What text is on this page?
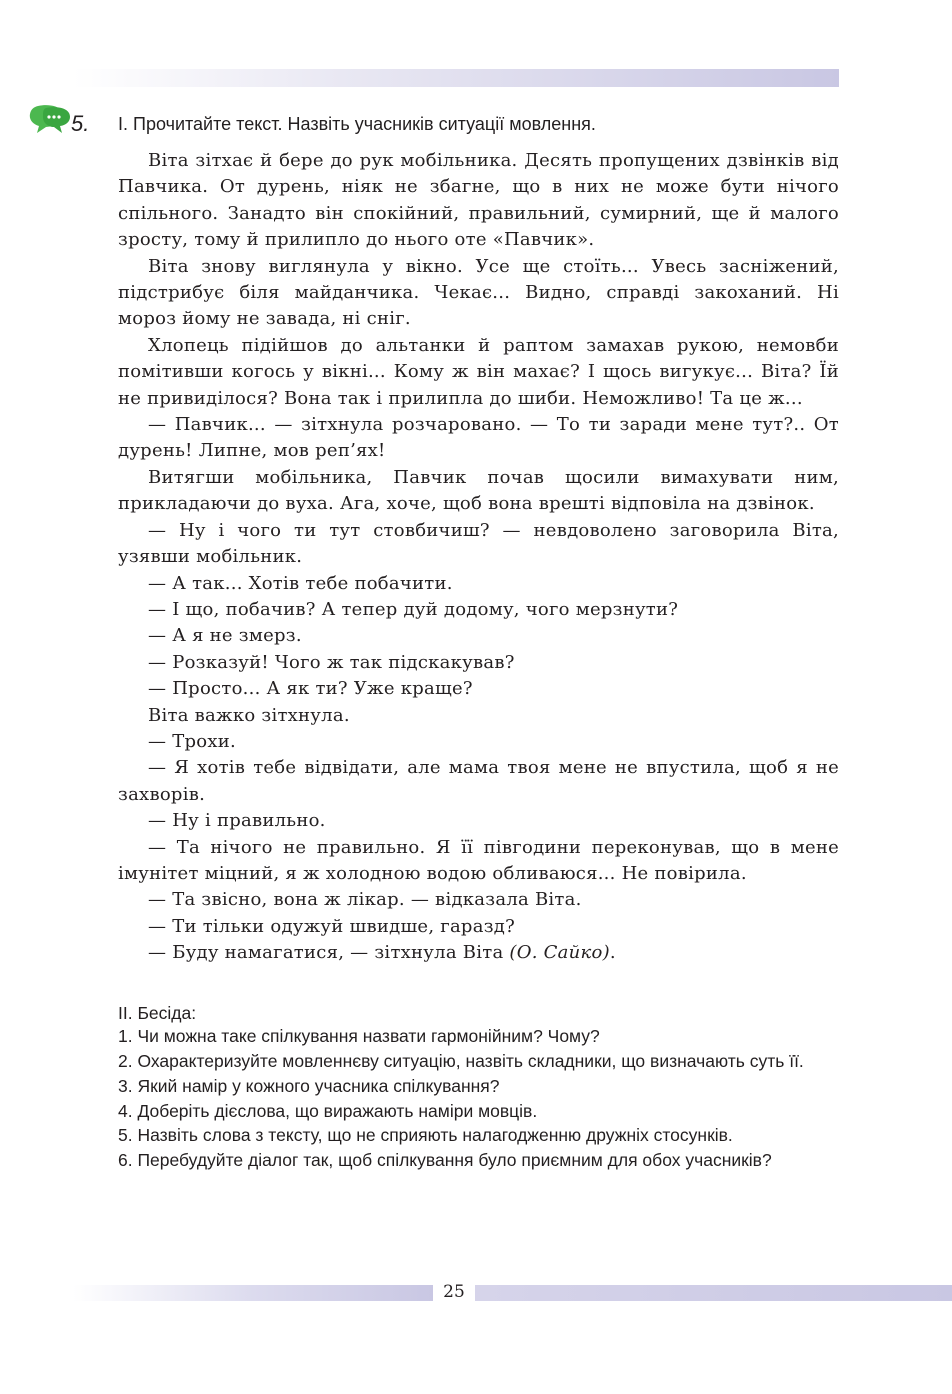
5. І. Прочитайте текст. Назвіть учасників ситуації мовлення.

Віта зітхає й бере до рук мобільника. Десять пропущених дзвінків від Павчика. От дурень, ніяк не збагне, що в них не може бути нічого спільного. Занадто він спокійний, правильний, сумирний, ще й малого зросту, тому й прилипло до нього оте «Павчик».

Віта знову виглянула у вікно. Усе ще стоїть... Увесь засніжений, підстрибує біля майданчика. Чекає... Видно, справді закоханий. Ні мороз йому не завада, ні сніг.

Хлопець підійшов до альтанки й раптом замахав рукою, немовби помітивши когось у вікні... Кому ж він махає? І щось вигукує... Віта? Їй не привиділося? Вона так і прилипла до шиби. Неможливо! Та це ж...

— Павчик... — зітхнула розчаровано. — То ти заради мене тут?.. От дурень! Липне, мов реп’ях!

Витягши мобільника, Павчик почав щосили вимахувати ним, прикладаючи до вуха. Ага, хоче, щоб вона врешті відповіла на дзвінок.

— Ну і чого ти тут стовбичиш? — невдоволено заговорила Віта, узявши мобільник.

— А так... Хотів тебе побачити.

— І що, побачив? А тепер дуй додому, чого мерзнути?

— А я не змерз.

— Розказуй! Чого ж так підскакував?

— Просто... А як ти? Уже краще?

Віта важко зітхнула.

— Трохи.

— Я хотів тебе відвідати, але мама твоя мене не впустила, щоб я не захворів.

— Ну і правильно.

— Та нічого не правильно. Я її півгодини переконував, що в мене імунітет міцний, я ж холодною водою обливаюся... Не повірила.

— Та звісно, вона ж лікар. — відказала Віта.

— Ти тільки одужуй швидше, гаразд?

— Буду намагатися, — зітхнула Віта (О. Сайко).

ІІ. Бесіда:

1. Чи можна таке спілкування назвати гармонійним? Чому?
2. Охарактеризуйте мовленнєву ситуацію, назвіть складники, що визначають суть її.
3. Який намір у кожного учасника спілкування?
4. Доберіть дієслова, що виражають наміри мовців.
5. Назвіть слова з тексту, що не сприяють налагодженню дружніх стосунків.
6. Перебудуйте діалог так, щоб спілкування було приємним для обох учасників?
25
